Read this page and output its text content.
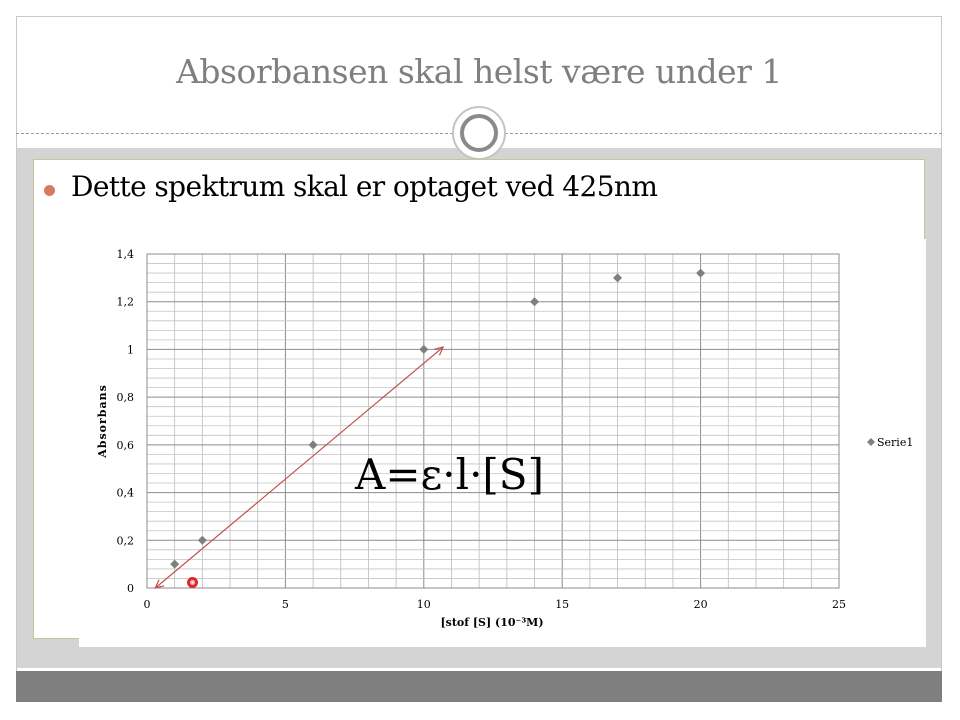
Absorbansen skal helst være under 1
Dette spektrum skal er optaget ved 425nm
0
0,2
0,4
0,6
0,8
1
1,2
1,4
0	5	10	15	20	25
Absorbans
[stof [S] (10⁻³M)
Serie1
A=ε·l·[S]
